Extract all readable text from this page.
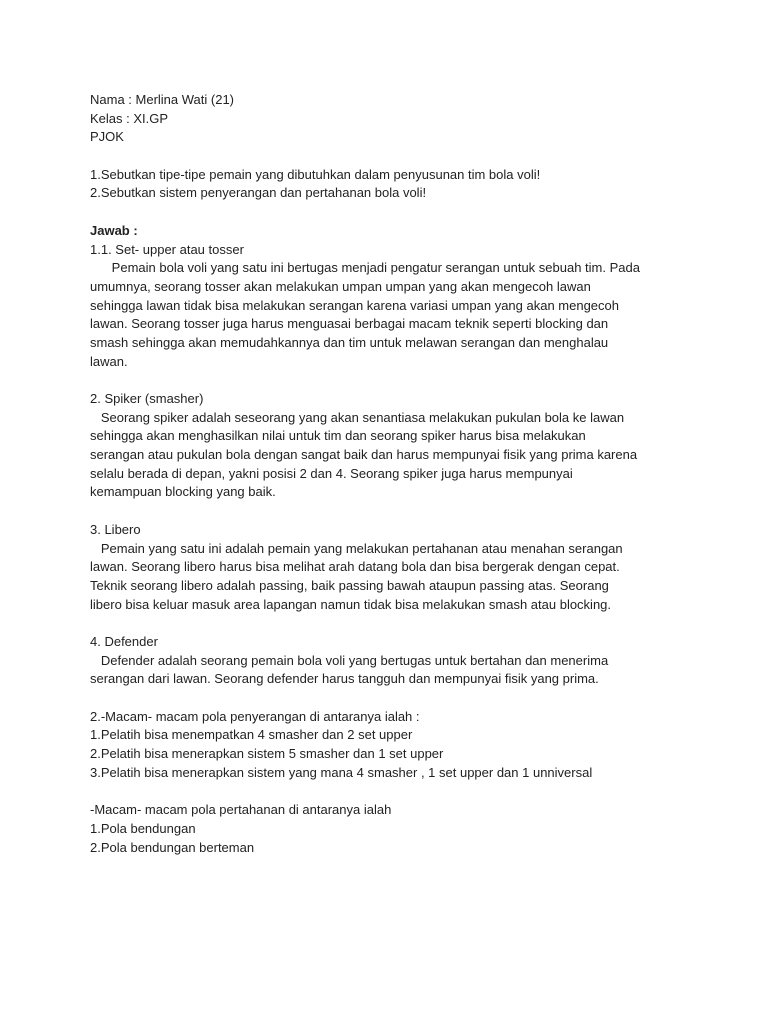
Nama : Merlina Wati (21)
Kelas : XI.GP
PJOK
1.Sebutkan tipe-tipe pemain yang dibutuhkan dalam penyusunan tim bola voli!
2.Sebutkan sistem penyerangan dan pertahanan bola voli!
Jawab :
1.1. Set- upper atau tosser
Pemain bola voli yang satu ini bertugas menjadi pengatur serangan untuk sebuah tim. Pada
umumnya, seorang tosser akan melakukan umpan umpan yang akan mengecoh lawan
sehingga lawan tidak bisa melakukan serangan karena variasi umpan yang akan mengecoh
lawan. Seorang tosser juga harus menguasai berbagai macam teknik seperti blocking dan
smash sehingga akan memudahkannya dan tim untuk melawan serangan dan menghalau
lawan.
2. Spiker (smasher)
Seorang spiker adalah seseorang yang akan senantiasa melakukan pukulan bola ke lawan
sehingga akan menghasilkan nilai untuk tim dan seorang spiker harus bisa melakukan
serangan atau pukulan bola dengan sangat baik dan harus mempunyai fisik yang prima karena
selalu berada di depan, yakni posisi 2 dan 4. Seorang spiker juga harus mempunyai
kemampuan blocking yang baik.
3. Libero
Pemain yang satu ini adalah pemain yang melakukan pertahanan atau menahan serangan
lawan. Seorang libero harus bisa melihat arah datang bola dan bisa bergerak dengan cepat.
Teknik seorang libero adalah passing, baik passing bawah ataupun passing atas. Seorang
libero bisa keluar masuk area lapangan namun tidak bisa melakukan smash atau blocking.
4. Defender
Defender adalah seorang pemain bola voli yang bertugas untuk bertahan dan menerima
serangan dari lawan. Seorang defender harus tangguh dan mempunyai fisik yang prima.
2.-Macam- macam pola penyerangan di antaranya ialah :
1.Pelatih bisa menempatkan 4 smasher dan 2 set upper
2.Pelatih bisa menerapkan sistem 5 smasher dan 1 set upper
3.Pelatih bisa menerapkan sistem yang mana 4 smasher , 1 set upper dan 1 unniversal
-Macam- macam pola pertahanan di antaranya ialah
1.Pola bendungan
2.Pola bendungan berteman
